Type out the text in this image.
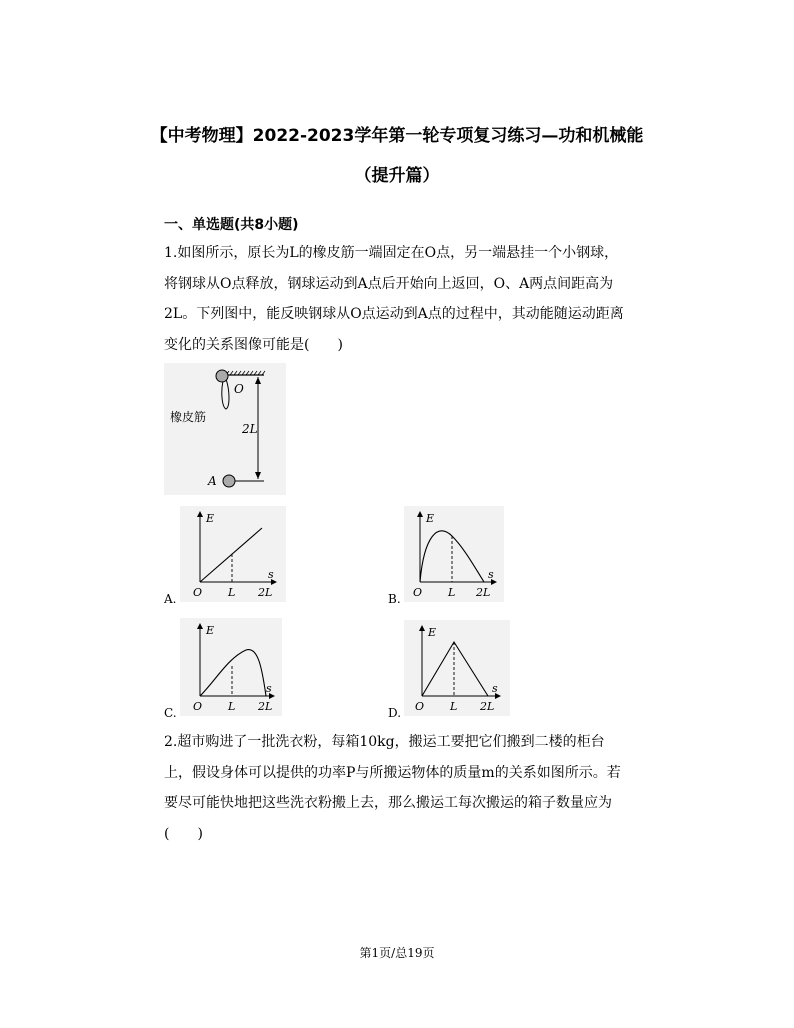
【中考物理】2022-2023学年第一轮专项复习练习—功和机械能
（提升篇）
一、单选题(共8小题)
1.如图所示，原长为L的橡皮筋一端固定在O点，另一端悬挂一个小钢球，将钢球从O点释放，钢球运动到A点后开始向上返回，O、A两点间距高为2L。下列图中，能反映钢球从O点运动到A点的过程中，其动能随运动距离变化的关系图像可能是(　　)
O
橡皮筋
2L
A
A.
E
s
O L 2L	B.
E
s
O L 2L
C.
E
s
O L 2L	D.
E
s
O L 2L
2.超市购进了一批洗衣粉，每箱10kg，搬运工要把它们搬到二楼的柜台上，假设身体可以提供的功率P与所搬运物体的质量m的关系如图所示。若要尽可能快地把这些洗衣粉搬上去，那么搬运工每次搬运的箱子数量应为(　　)
第1页/总19页
